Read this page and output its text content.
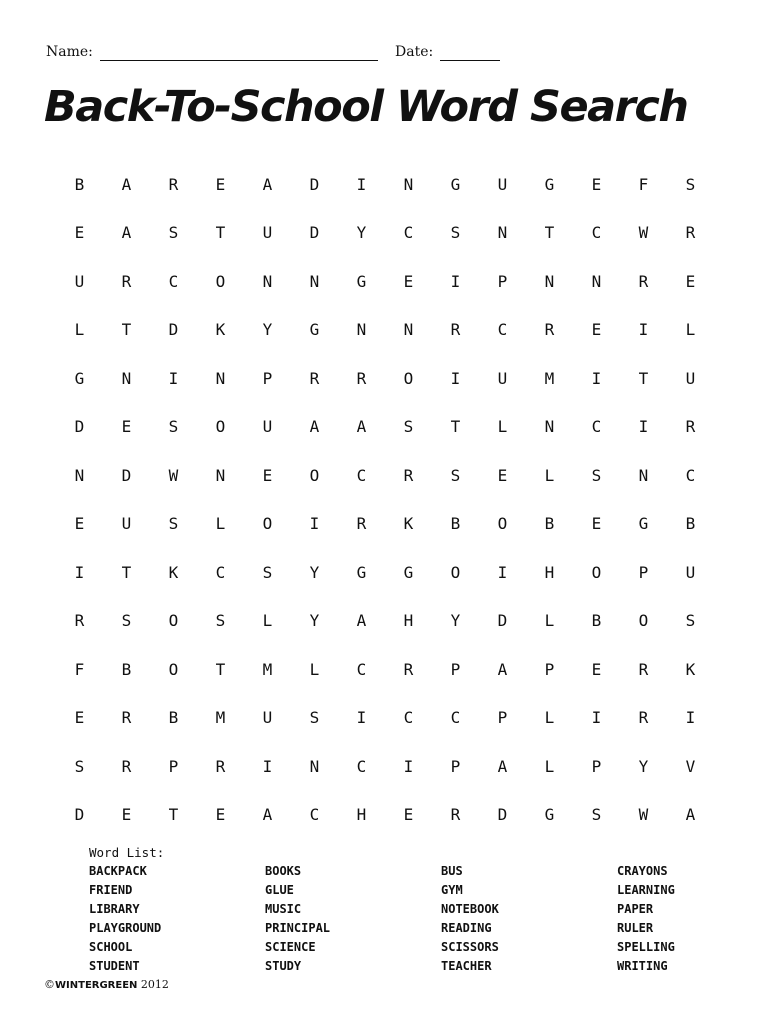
Name:	Date:
Back-To-School Word Search
B	A	R	E	A	D	I	N	G	U	G	E	F	S
E	A	S	T	U	D	Y	C	S	N	T	C	W	R
U	R	C	O	N	N	G	E	I	P	N	N	R	E
L	T	D	K	Y	G	N	N	R	C	R	E	I	L
G	N	I	N	P	R	R	O	I	U	M	I	T	U
D	E	S	O	U	A	A	S	T	L	N	C	I	R
N	D	W	N	E	O	C	R	S	E	L	S	N	C
E	U	S	L	O	I	R	K	B	O	B	E	G	B
I	T	K	C	S	Y	G	G	O	I	H	O	P	U
R	S	O	S	L	Y	A	H	Y	D	L	B	O	S
F	B	O	T	M	L	C	R	P	A	P	E	R	K
E	R	B	M	U	S	I	C	C	P	L	I	R	I
S	R	P	R	I	N	C	I	P	A	L	P	Y	V
D	E	T	E	A	C	H	E	R	D	G	S	W	A
Word List:
BACKPACK
FRIEND
LIBRARY
PLAYGROUND
SCHOOL
STUDENT
BOOKS
GLUE
MUSIC
PRINCIPAL
SCIENCE
STUDY
BUS
GYM
NOTEBOOK
READING
SCISSORS
TEACHER
CRAYONS
LEARNING
PAPER
RULER
SPELLING
WRITING
©WINTERGREEN 2012
